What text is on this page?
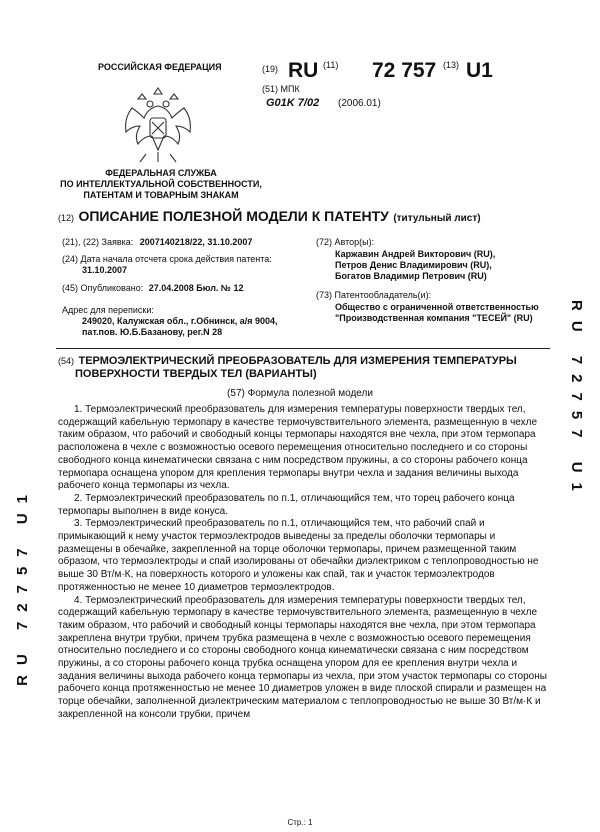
РОССИЙСКАЯ ФЕДЕРАЦИЯ	(19) RU (11) 72 757 (13) U1
(51) МПК
G01K 7/02 (2006.01)
ФЕДЕРАЛЬНАЯ СЛУЖБА
ПО ИНТЕЛЛЕКТУАЛЬНОЙ СОБСТВЕННОСТИ,
ПАТЕНТАМ И ТОВАРНЫМ ЗНАКАМ
(12) ОПИСАНИЕ ПОЛЕЗНОЙ МОДЕЛИ К ПАТЕНТУ (титульный лист)
(21), (22) Заявка: 2007140218/22, 31.10.2007
(24) Дата начала отсчета срока действия патента:
31.10.2007
(45) Опубликовано: 27.04.2008 Бюл. № 12
Адрес для переписки:
249020, Калужская обл., г.Обнинск, а/я 9004,
пат.пов. Ю.Б.Базанову, рег.N 28
(72) Автор(ы):
Каржавин Андрей Викторович (RU),
Петров Денис Владимирович (RU),
Богатов Владимир Петрович (RU)
(73) Патентообладатель(и):
Общество с ограниченной ответственностью
"Производственная компания "ТЕСЕЙ" (RU)
(54) ТЕРМОЭЛЕКТРИЧЕСКИЙ ПРЕОБРАЗОВАТЕЛЬ ДЛЯ ИЗМЕРЕНИЯ ТЕМПЕРАТУРЫ
ПОВЕРХНОСТИ ТВЕРДЫХ ТЕЛ (ВАРИАНТЫ)
(57) Формула полезной модели

1. Термоэлектрический преобразователь для измерения температуры поверхности твердых тел, содержащий кабельную термопару в качестве термочувствительного элемента, размещенную в чехле таким образом, что рабочий и свободный концы термопары находятся вне чехла, при этом термопара расположена в чехле с возможностью осевого перемещения относительно последнего и со стороны свободного конца кинематически связана с ним посредством пружины, а со стороны рабочего конца термопара оснащена упором для крепления термопары внутри чехла и задания величины выхода рабочего конца термопары из чехла.

2. Термоэлектрический преобразователь по п.1, отличающийся тем, что торец рабочего конца термопары выполнен в виде конуса.

3. Термоэлектрический преобразователь по п.1, отличающийся тем, что рабочий спай и примыкающий к нему участок термоэлектродов выведены за пределы оболочки термопары и размещены в обечайке, закрепленной на торце оболочки термопары, причем размещенной таким образом, что термоэлектроды и спай изолированы от обечайки диэлектриком с теплопроводностью не выше 30 Вт/м·К, на поверхность которого и уложены как спай, так и участок термоэлектродов протяженностью не менее 10 диаметров термоэлектродов.

4. Термоэлектрический преобразователь для измерения температуры поверхности твердых тел, содержащий кабельную термопару в качестве термочувствительного элемента, размещенную в чехле таким образом, что рабочий и свободный концы термопары находятся вне чехла, при этом термопара закреплена внутри трубки, причем трубка размещена в чехле с возможностью осевого перемещения относительно последнего и со стороны свободного конца кинематически связана с ним посредством пружины, а со стороны рабочего конца трубка оснащена упором для ее крепления внутри чехла и задания величины выхода рабочего конца термопары из чехла, при этом участок термопары со стороны рабочего конца протяженностью не менее 10 диаметров уложен в виде плоской спирали и размещен на торце обечайки, заполненной диэлектрическим материалом с теплопроводностью не выше 30 Вт/м·К и закрепленной на консоли трубки, причем

RU 72757 U1
RU 72757 U1
Стр.: 1
